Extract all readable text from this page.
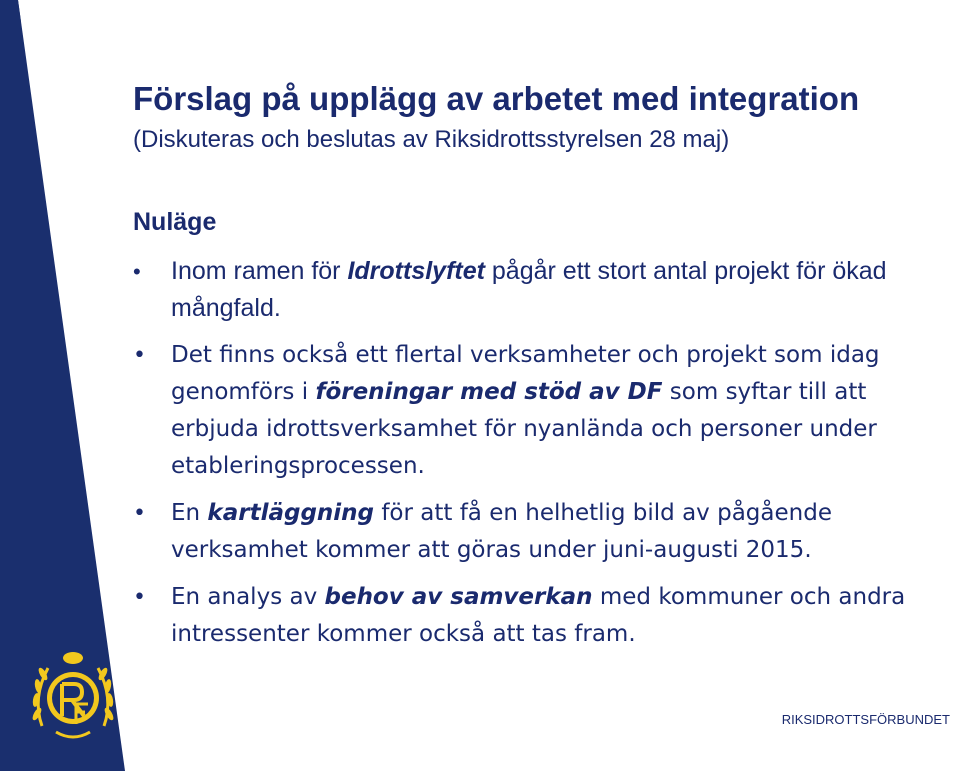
Förslag på upplägg av arbetet med integration
(Diskuteras och beslutas av Riksidrottsstyrelsen 28 maj)
Nuläge
• Inom ramen för Idrottslyftet pågår ett stort antal projekt för ökad mångfald.
• Det finns också ett flertal verksamheter och projekt som idag genomförs i föreningar med stöd av DF som syftar till att erbjuda idrottsverksamhet för nyanlända och personer under etableringsprocessen.
• En kartläggning för att få en helhetlig bild av pågående verksamhet kommer att göras under juni-augusti 2015.
• En analys av behov av samverkan med kommuner och andra intressenter kommer också att tas fram.
RIKSIDROTTSFÖRBUNDET
